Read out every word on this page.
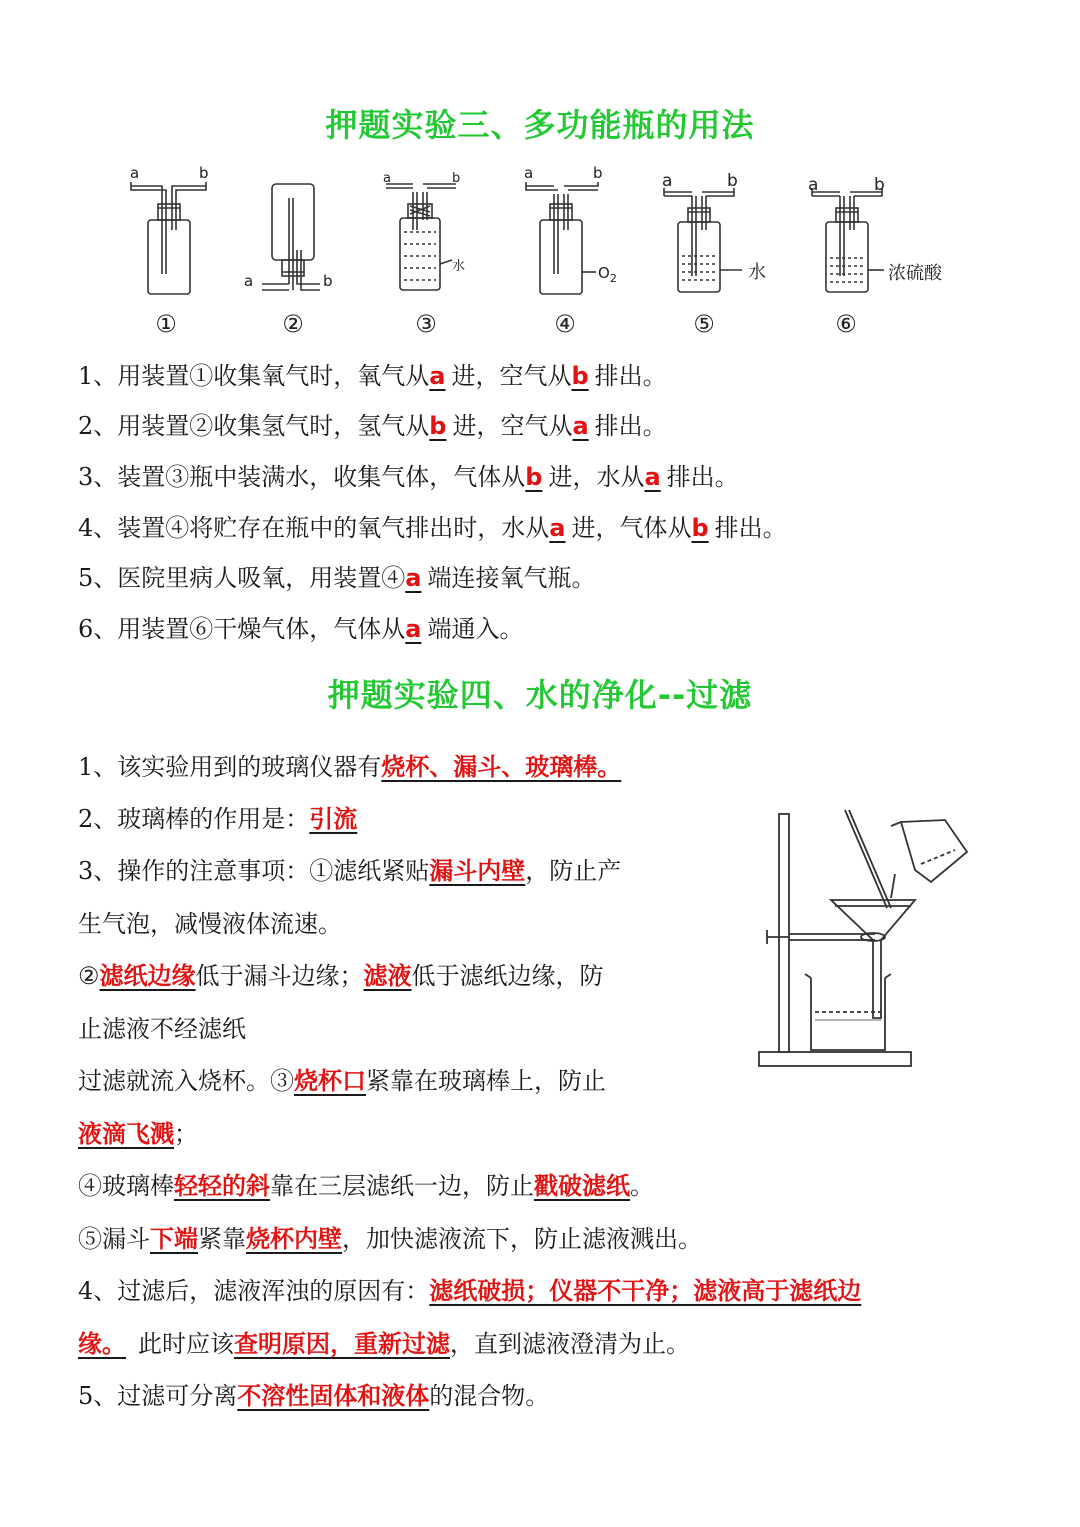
押题实验三、多功能瓶的用法
a	b
a	b
a	b
水
a	b
$O_2$
a	b
水
a	b
浓硫酸
①	②	③	④	⑤	⑥
1、用装置①收集氧气时，氧气从a 进，空气从b 排出。
2、用装置②收集氢气时，氢气从b 进，空气从a 排出。
3、装置③瓶中装满水，收集气体，气体从b 进，水从a 排出。
4、装置④将贮存在瓶中的氧气排出时，水从a 进，气体从b 排出。
5、医院里病人吸氧，用装置④a 端连接氧气瓶。
6、用装置⑥干燥气体，气体从a 端通入。
押题实验四、水的净化--过滤
1、该实验用到的玻璃仪器有烧杯、漏斗、玻璃棒。
2、玻璃棒的作用是：引流
3、操作的注意事项：①滤纸紧贴漏斗内壁，防止产
生气泡，减慢液体流速。
②滤纸边缘低于漏斗边缘；滤液低于滤纸边缘，防
止滤液不经滤纸
过滤就流入烧杯。③烧杯口紧靠在玻璃棒上，防止
液滴飞溅；
④玻璃棒轻轻的斜靠在三层滤纸一边，防止戳破滤纸。
⑤漏斗下端紧靠烧杯内壁，加快滤液流下，防止滤液溅出。
4、过滤后，滤液浑浊的原因有：滤纸破损；仪器不干净；滤液高于滤纸边
缘。 此时应该查明原因，重新过滤，直到滤液澄清为止。
5、过滤可分离不溶性固体和液体的混合物。
